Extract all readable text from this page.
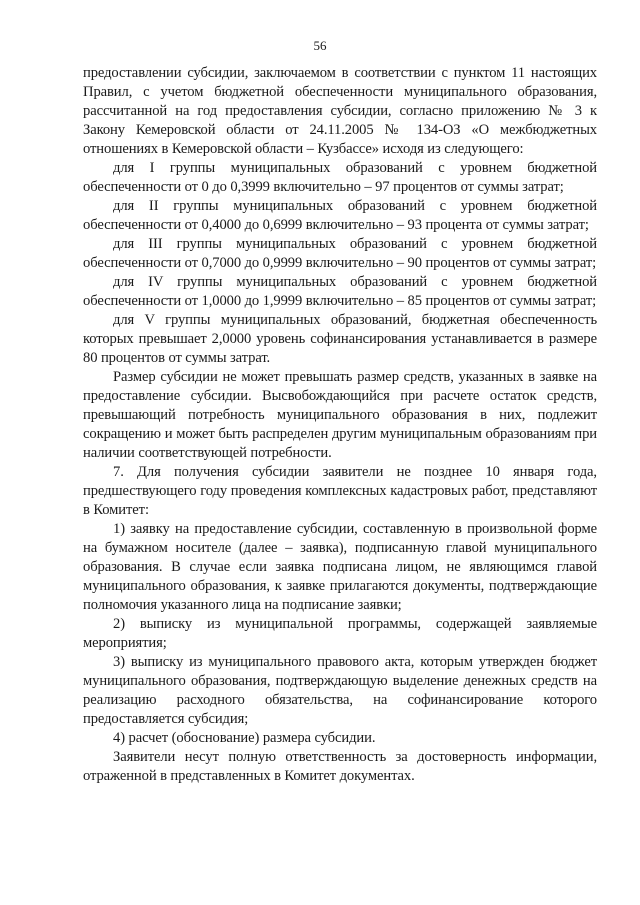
56

предоставлении субсидии, заключаемом в соответствии с пунктом 11 настоящих Правил, с учетом бюджетной обеспеченности муниципального образования, рассчитанной на год предоставления субсидии, согласно приложению № 3 к Закону Кемеровской области от 24.11.2005 № 134-ОЗ «О межбюджетных отношениях в Кемеровской области – Кузбассе» исходя из следующего:

для I группы муниципальных образований с уровнем бюджетной обеспеченности от 0 до 0,3999 включительно – 97 процентов от суммы затрат;

для II группы муниципальных образований с уровнем бюджетной обеспеченности от 0,4000 до 0,6999 включительно – 93 процента от суммы затрат;

для III группы муниципальных образований с уровнем бюджетной обеспеченности от 0,7000 до 0,9999 включительно – 90 процентов от суммы затрат;

для IV группы муниципальных образований с уровнем бюджетной обеспеченности от 1,0000 до 1,9999 включительно – 85 процентов от суммы затрат;

для V группы муниципальных образований, бюджетная обеспеченность которых превышает 2,0000 уровень софинансирования устанавливается в размере 80 процентов от суммы затрат.

Размер субсидии не может превышать размер средств, указанных в заявке на предоставление субсидии. Высвобождающийся при расчете остаток средств, превышающий потребность муниципального образования в них, подлежит сокращению и может быть распределен другим муниципальным образованиям при наличии соответствующей потребности.

7. Для получения субсидии заявители не позднее 10 января года, предшествующего году проведения комплексных кадастровых работ, представляют в Комитет:

1) заявку на предоставление субсидии, составленную в произвольной форме на бумажном носителе (далее – заявка), подписанную главой муниципального образования. В случае если заявка подписана лицом, не являющимся главой муниципального образования, к заявке прилагаются документы, подтверждающие полномочия указанного лица на подписание заявки;

2) выписку из муниципальной программы, содержащей заявляемые мероприятия;

3) выписку из муниципального правового акта, которым утвержден бюджет муниципального образования, подтверждающую выделение денежных средств на реализацию расходного обязательства, на софинансирование которого предоставляется субсидия;

4) расчет (обоснование) размера субсидии.

Заявители несут полную ответственность за достоверность информации, отраженной в представленных в Комитет документах.
